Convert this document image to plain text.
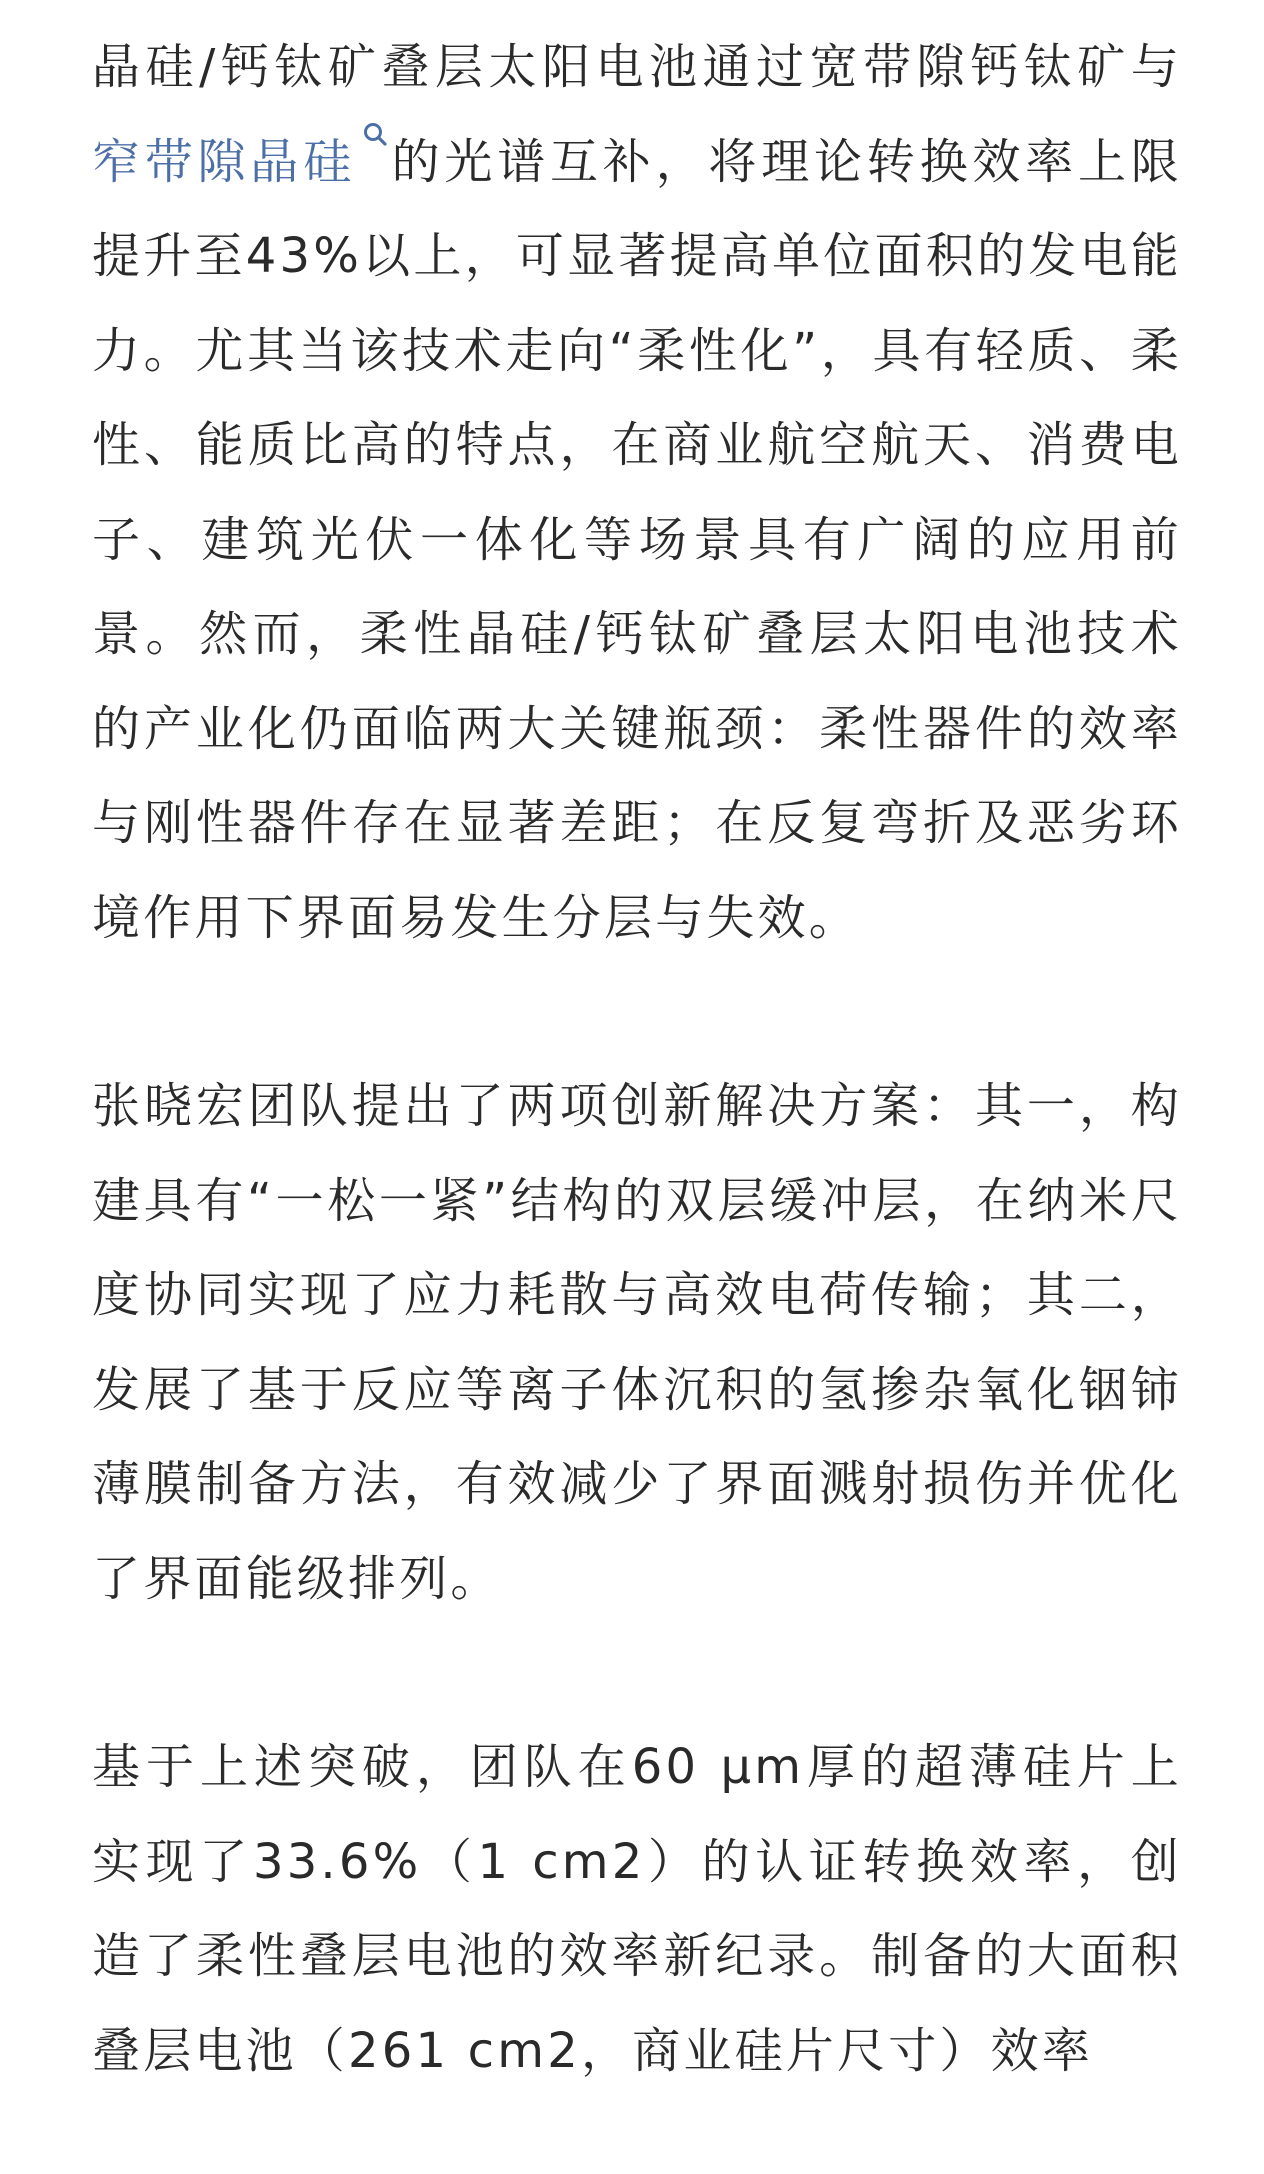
晶硅/钙钛矿叠层太阳电池通过宽带隙钙钛矿与窄带隙晶硅 的光谱互补，将理论转换效率上限提升至43%以上，可显著提高单位面积的发电能力。尤其当该技术走向“柔性化”，具有轻质、柔性、能质比高的特点，在商业航空航天、消费电子、建筑光伏一体化等场景具有广阔的应用前景。然而，柔性晶硅/钙钛矿叠层太阳电池技术的产业化仍面临两大关键瓶颈：柔性器件的效率与刚性器件存在显著差距；在反复弯折及恶劣环境作用下界面易发生分层与失效。

张晓宏团队提出了两项创新解决方案：其一，构建具有“一松一紧”结构的双层缓冲层，在纳米尺度协同实现了应力耗散与高效电荷传输；其二，发展了基于反应等离子体沉积的氢掺杂氧化铟铈薄膜制备方法，有效减少了界面溅射损伤并优化了界面能级排列。

基于上述突破，团队在60 μm厚的超薄硅片上实现了33.6%（1 cm2）的认证转换效率，创造了柔性叠层电池的效率新纪录。制备的大面积叠层电池（261 cm2，商业硅片尺寸）效率
